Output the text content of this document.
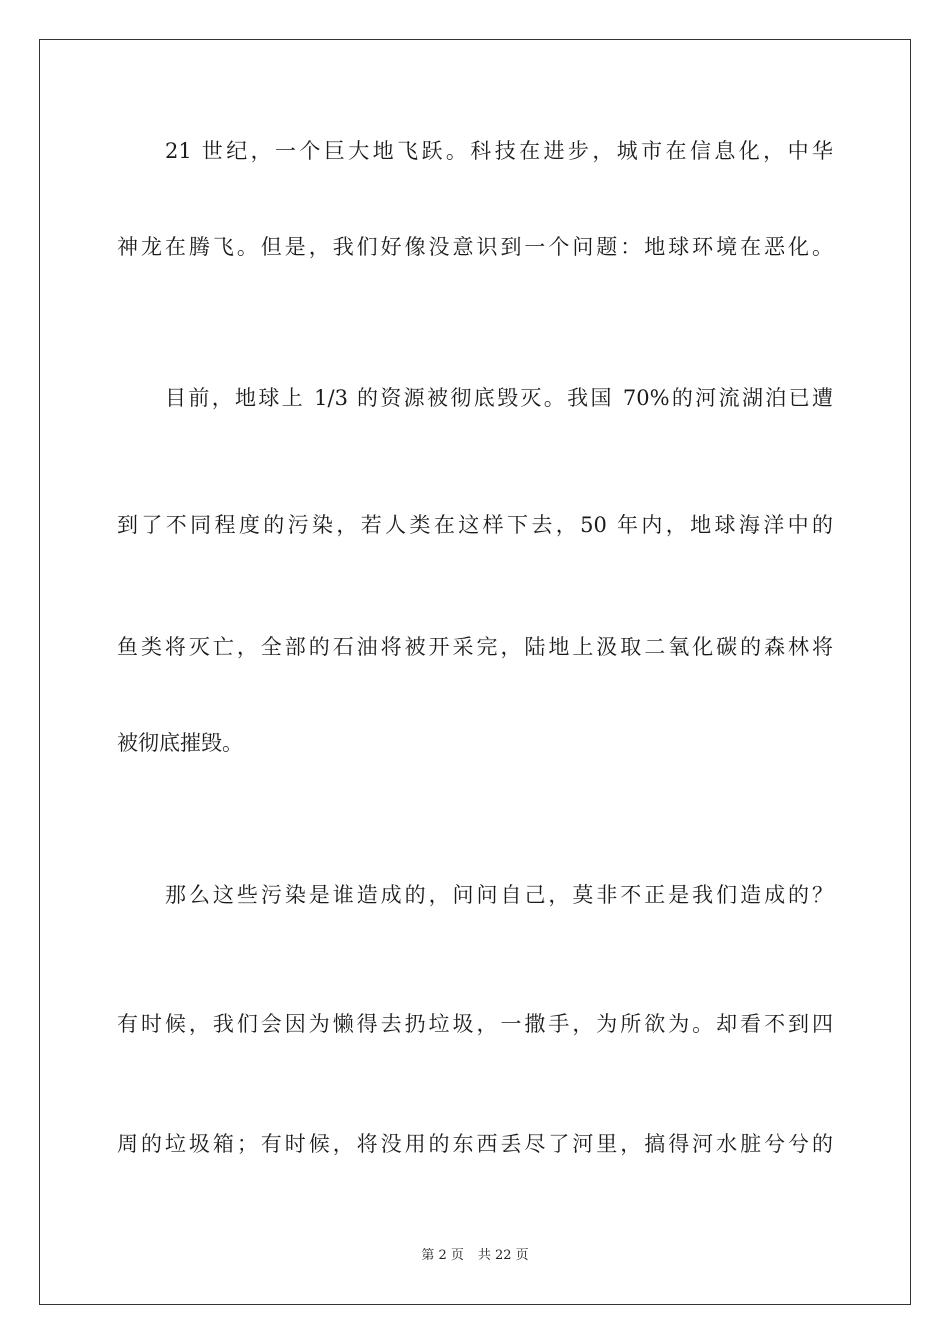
21 世纪，一个巨大地飞跃。科技在进步，城市在信息化，中华
神龙在腾飞。但是，我们好像没意识到一个问题：地球环境在恶化。
目前，地球上 1/3 的资源被彻底毁灭。我国 70%的河流湖泊已遭
到了不同程度的污染，若人类在这样下去，50 年内，地球海洋中的
鱼类将灭亡，全部的石油将被开采完，陆地上汲取二氧化碳的森林将
被彻底摧毁。
那么这些污染是谁造成的，问问自己，莫非不正是我们造成的？
有时候，我们会因为懒得去扔垃圾，一撒手，为所欲为。却看不到四
周的垃圾箱；有时候，将没用的东西丢尽了河里，搞得河水脏兮兮的
第 2 页 共 22 页
